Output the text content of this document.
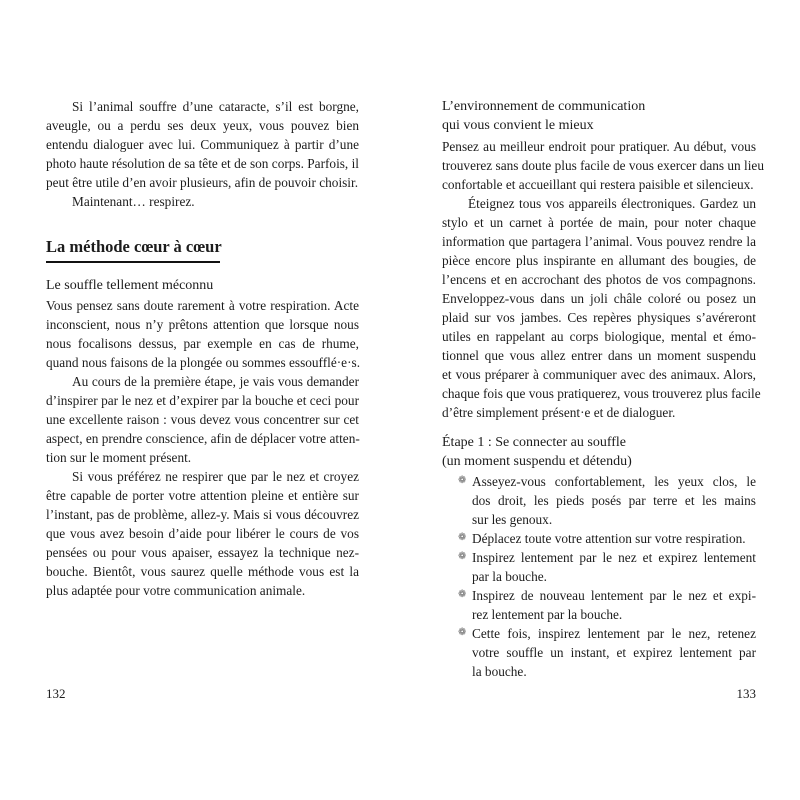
Si l’animal souffre d’une cataracte, s’il est borgne,
aveugle, ou a perdu ses deux yeux, vous pouvez bien
entendu dialoguer avec lui. Communiquez à partir d’une
photo haute résolution de sa tête et de son corps. Parfois, il
peut être utile d’en avoir plusieurs, afin de pouvoir choisir.
Maintenant… respirez.
La méthode cœur à cœur
Le souffle tellement méconnu
Vous pensez sans doute rarement à votre respiration. Acte
inconscient, nous n’y prêtons attention que lorsque nous
nous focalisons dessus, par exemple en cas de rhume,
quand nous faisons de la plongée ou sommes essoufflé·e·s.
Au cours de la première étape, je vais vous demander
d’inspirer par le nez et d’expirer par la bouche et ceci pour
une excellente raison : vous devez vous concentrer sur cet
aspect, en prendre conscience, afin de déplacer votre atten-
tion sur le moment présent.
Si vous préférez ne respirer que par le nez et croyez
être capable de porter votre attention pleine et entière sur
l’instant, pas de problème, allez-y. Mais si vous découvrez
que vous avez besoin d’aide pour libérer le cours de vos
pensées ou pour vous apaiser, essayez la technique nez-
bouche. Bientôt, vous saurez quelle méthode vous est la
plus adaptée pour votre communication animale.
132
L’environnement de communication
qui vous convient le mieux
Pensez au meilleur endroit pour pratiquer. Au début, vous
trouverez sans doute plus facile de vous exercer dans un lieu
confortable et accueillant qui restera paisible et silencieux.
Éteignez tous vos appareils électroniques. Gardez un
stylo et un carnet à portée de main, pour noter chaque
information que partagera l’animal. Vous pouvez rendre la
pièce encore plus inspirante en allumant des bougies, de
l’encens et en accrochant des photos de vos compagnons.
Enveloppez-vous dans un joli châle coloré ou posez un
plaid sur vos jambes. Ces repères physiques s’avéreront
utiles en rappelant au corps biologique, mental et émo-
tionnel que vous allez entrer dans un moment suspendu
et vous préparer à communiquer avec des animaux. Alors,
chaque fois que vous pratiquerez, vous trouverez plus facile
d’être simplement présent·e et de dialoguer.
Étape 1 : Se connecter au souffle
(un moment suspendu et détendu)
❁ Asseyez-vous confortablement, les yeux clos, le
dos droit, les pieds posés par terre et les mains
sur les genoux.
❁ Déplacez toute votre attention sur votre respiration.
❁ Inspirez lentement par le nez et expirez lentement
par la bouche.
❁ Inspirez de nouveau lentement par le nez et expi-
rez lentement par la bouche.
❁ Cette fois, inspirez lentement par le nez, retenez
votre souffle un instant, et expirez lentement par
la bouche.
133
